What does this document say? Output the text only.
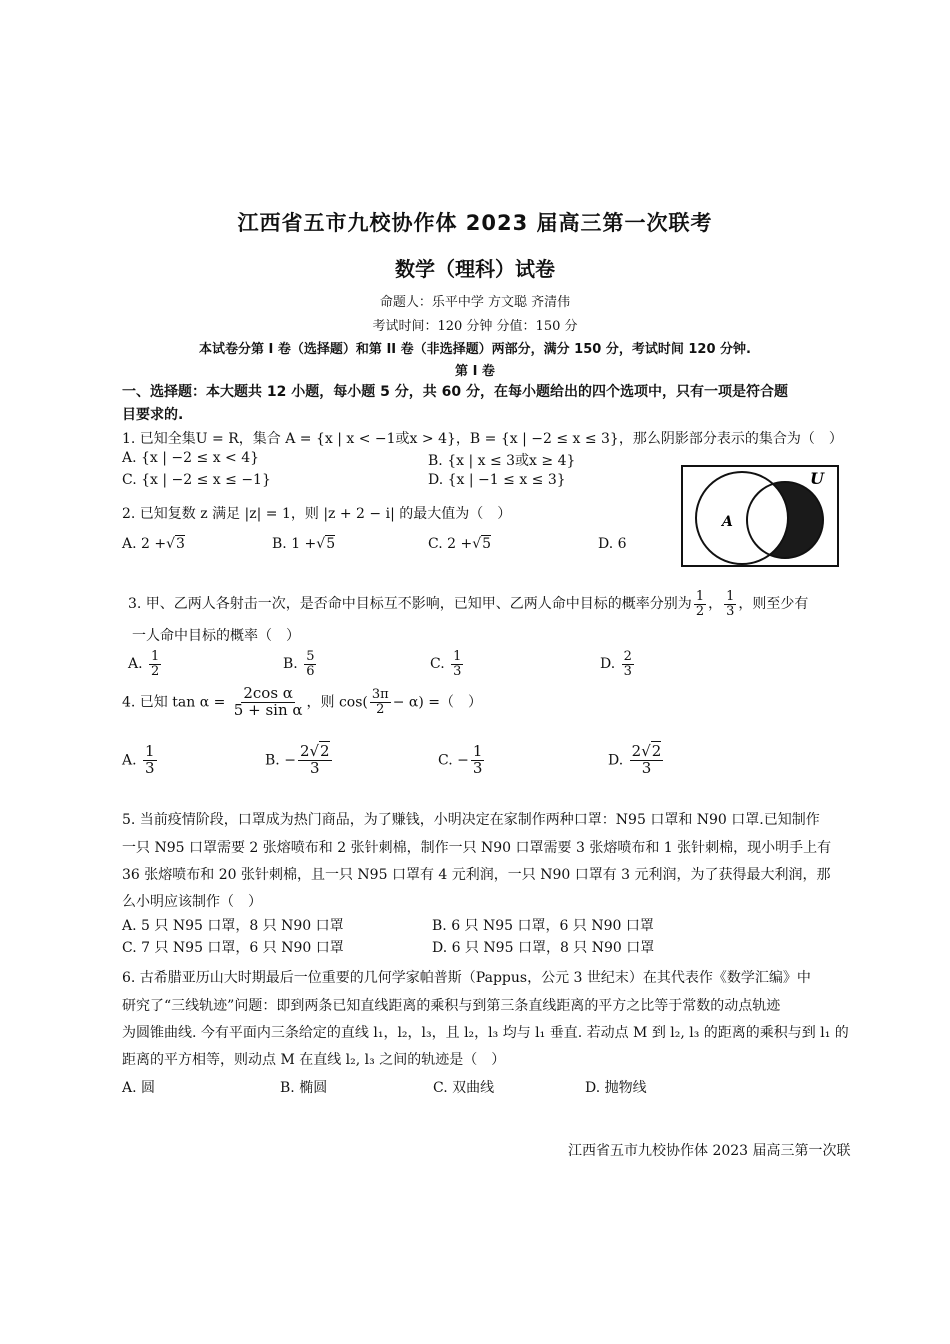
江西省五市九校协作体 2023 届高三第一次联考
数学（理科）试卷
命题人：乐平中学 方文聪 齐清伟
考试时间：120 分钟 分值：150 分
本试卷分第 I 卷（选择题）和第 II 卷（非选择题）两部分，满分 150 分，考试时间 120 分钟.
第 I 卷
一、选择题：本大题共 12 小题，每小题 5 分，共 60 分，在每小题给出的四个选项中，只有一项是符合题
目要求的.
1. 已知全集U = R，集合 A = {x | x < −1或x > 4}，B = {x | −2 ≤ x ≤ 3}，那么阴影部分表示的集合为（　）
A. {x | −2 ≤ x < 4}	B. {x | x ≤ 3或x ≥ 4}
C. {x | −2 ≤ x ≤ −1}	D. {x | −1 ≤ x ≤ 3}	U
A
2. 已知复数 z 满足 |z| = 1，则 |z + 2 − i| 的最大值为（　）
A. 2 +√3	B. 1 +√5	C. 2 +√5	D. 6
3. 甲、乙两人各射击一次，是否命中目标互不影响，已知甲、乙两人命中目标的概率分别为 $\frac{1}{2}$ ， $\frac{1}{3}$ ，则至少有
一人命中目标的概率（　）
A. $\frac{1}{2}$	B. $\frac{5}{6}$	C. $\frac{1}{3}$	D. $\frac{2}{3}$
4. 已知 $\tan \alpha = \frac{\text{2cos α}}{\text{5 + sin α}}$ ，则 $\cos( \frac{3\pi}{2} - \alpha)$ =（　）
A. $\frac{1}{3}$	B. − $\frac{2√2}{3}$	C. − $\frac{1}{3}$	D. $\frac{2√2}{3}$
5. 当前疫情阶段，口罩成为热门商品，为了赚钱，小明决定在家制作两种口罩：N95 口罩和 N90 口罩.已知制作
一只 N95 口罩需要 2 张熔喷布和 2 张针刺棉，制作一只 N90 口罩需要 3 张熔喷布和 1 张针刺棉，现小明手上有
36 张熔喷布和 20 张针刺棉，且一只 N95 口罩有 4 元利润，一只 N90 口罩有 3 元利润，为了获得最大利润，那
么小明应该制作（　）
A. 5 只 N95 口罩，8 只 N90 口罩	B. 6 只 N95 口罩，6 只 N90 口罩
C. 7 只 N95 口罩，6 只 N90 口罩	D. 6 只 N95 口罩，8 只 N90 口罩
6. 古希腊亚历山大时期最后一位重要的几何学家帕普斯（Pappus，公元 3 世纪末）在其代表作《数学汇编》中
研究了“三线轨迹”问题：即到两条已知直线距离的乘积与到第三条直线距离的平方之比等于常数的动点轨迹
为圆锥曲线. 今有平面内三条给定的直线 l₁，l₂，l₃，且 l₂，l₃ 均与 l₁ 垂直. 若动点 M 到 l₂, l₃ 的距离的乘积与到 l₁ 的
距离的平方相等，则动点 M 在直线 l₂, l₃ 之间的轨迹是（　）
A. 圆	B. 椭圆	C. 双曲线	D. 抛物线
江西省五市九校协作体 2023 届高三第一次联
